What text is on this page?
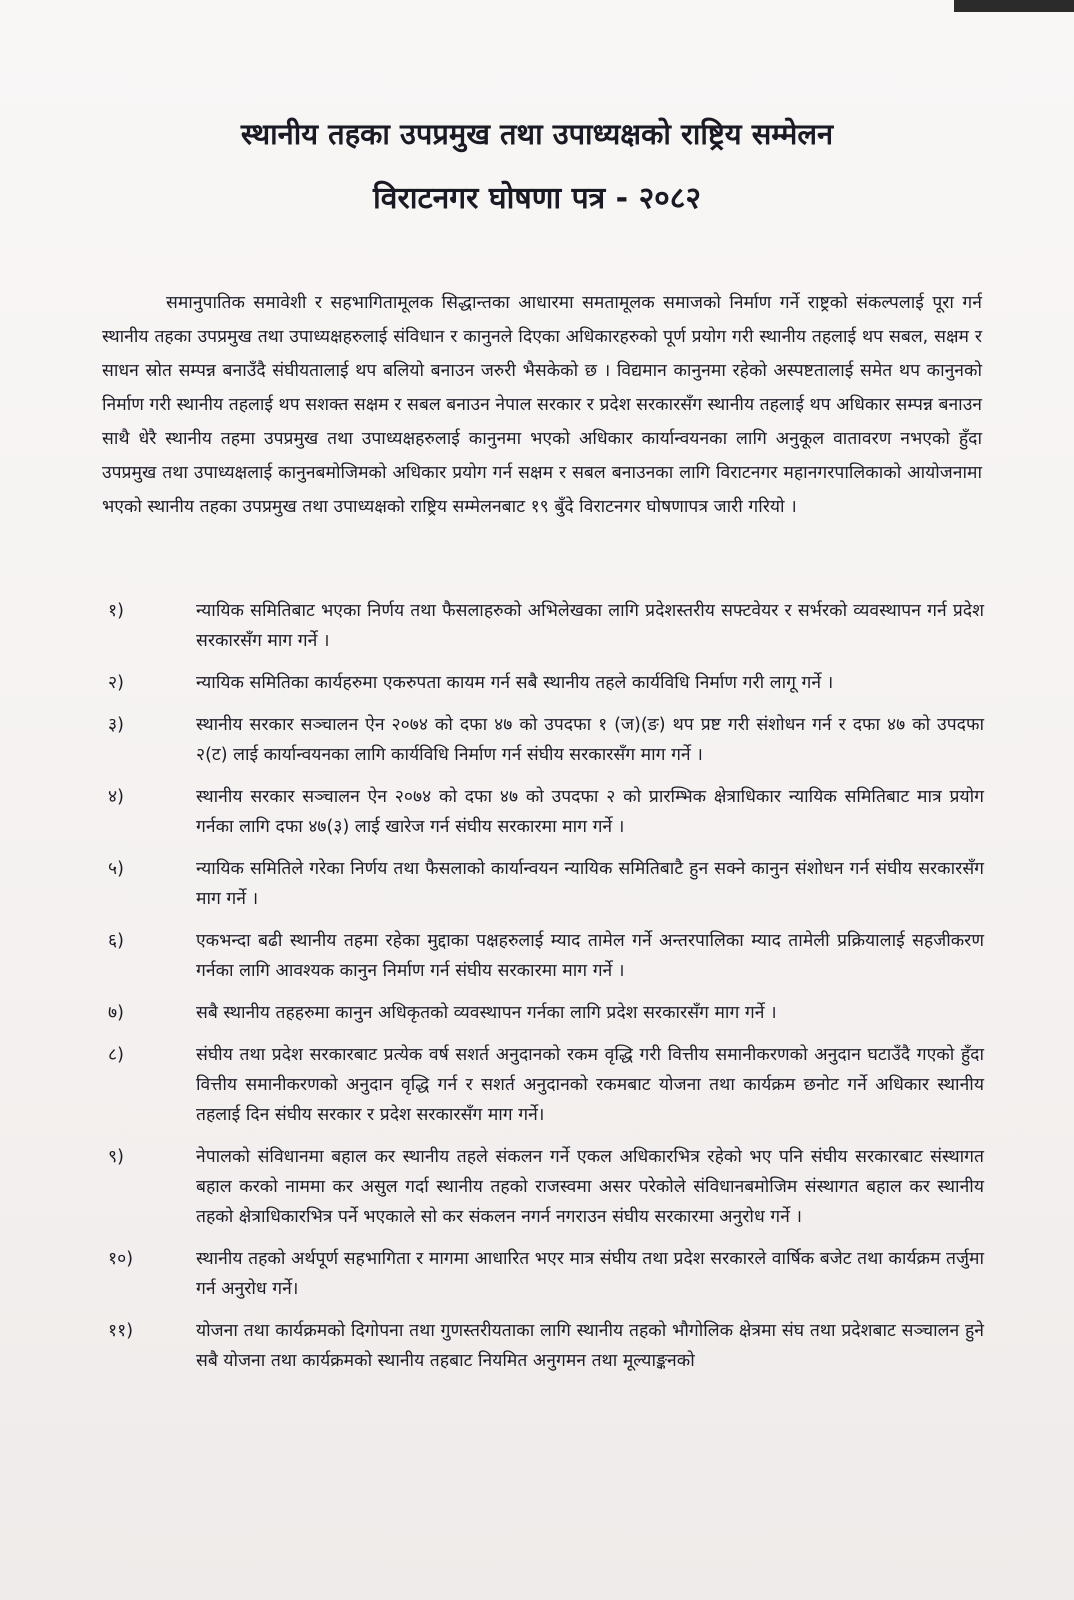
स्थानीय तहका उपप्रमुख तथा उपाध्यक्षको राष्ट्रिय सम्मेलन
विराटनगर घोषणा पत्र - २०८२

समानुपातिक समावेशी र सहभागितामूलक सिद्धान्तका आधारमा समतामूलक समाजको निर्माण गर्ने राष्ट्रको संकल्पलाई पूरा गर्न स्थानीय तहका उपप्रमुख तथा उपाध्यक्षहरुलाई संविधान र कानुनले दिएका अधिकारहरुको पूर्ण प्रयोग गरी स्थानीय तहलाई थप सबल, सक्षम र साधन स्रोत सम्पन्न बनाउँदै संघीयतालाई थप बलियो बनाउन जरुरी भैसकेको छ । विद्यमान कानुनमा रहेको अस्पष्टतालाई समेत थप कानुनको निर्माण गरी स्थानीय तहलाई थप सशक्त सक्षम र सबल बनाउन नेपाल सरकार र प्रदेश सरकारसँग स्थानीय तहलाई थप अधिकार सम्पन्न बनाउन साथै धेरै स्थानीय तहमा उपप्रमुख तथा उपाध्यक्षहरुलाई कानुनमा भएको अधिकार कार्यान्वयनका लागि अनुकूल वातावरण नभएको हुँदा उपप्रमुख तथा उपाध्यक्षलाई कानुनबमोजिमको अधिकार प्रयोग गर्न सक्षम र सबल बनाउनका लागि विराटनगर महानगरपालिकाको आयोजनामा भएको स्थानीय तहका उपप्रमुख तथा उपाध्यक्षको राष्ट्रिय सम्मेलनबाट १९ बुँदे विराटनगर घोषणापत्र जारी गरियो ।

१)	न्यायिक समितिबाट भएका निर्णय तथा फैसलाहरुको अभिलेखका लागि प्रदेशस्तरीय सफ्टवेयर र सर्भरको व्यवस्थापन गर्न प्रदेश सरकारसँग माग गर्ने ।
२)	न्यायिक समितिका कार्यहरुमा एकरुपता कायम गर्न सबै स्थानीय तहले कार्यविधि निर्माण गरी लागू गर्ने ।
३)	स्थानीय सरकार सञ्चालन ऐन २०७४ को दफा ४७ को उपदफा १ (ज)(ङ) थप प्रष्ट गरी संशोधन गर्न र दफा ४७ को उपदफा २(ट) लाई कार्यान्वयनका लागि कार्यविधि निर्माण गर्न संघीय सरकारसँग माग गर्ने ।
४)	स्थानीय सरकार सञ्चालन ऐन २०७४ को दफा ४७ को उपदफा २ को प्रारम्भिक क्षेत्राधिकार न्यायिक समितिबाट मात्र प्रयोग गर्नका लागि दफा ४७(३) लाई खारेज गर्न संघीय सरकारमा माग गर्ने ।
५)	न्यायिक समितिले गरेका निर्णय तथा फैसलाको कार्यान्वयन न्यायिक समितिबाटै हुन सक्ने कानुन संशोधन गर्न संघीय सरकारसँग माग गर्ने ।
६)	एकभन्दा बढी स्थानीय तहमा रहेका मुद्दाका पक्षहरुलाई म्याद तामेल गर्ने अन्तरपालिका म्याद तामेली प्रक्रियालाई सहजीकरण गर्नका लागि आवश्यक कानुन निर्माण गर्न संघीय सरकारमा माग गर्ने ।
७)	सबै स्थानीय तहहरुमा कानुन अधिकृतको व्यवस्थापन गर्नका लागि प्रदेश सरकारसँग माग गर्ने ।
८)	संघीय तथा प्रदेश सरकारबाट प्रत्येक वर्ष सशर्त अनुदानको रकम वृद्धि गरी वित्तीय समानीकरणको अनुदान घटाउँदै गएको हुँदा वित्तीय समानीकरणको अनुदान वृद्धि गर्न र सशर्त अनुदानको रकमबाट योजना तथा कार्यक्रम छनोट गर्ने अधिकार स्थानीय तहलाई दिन संघीय सरकार र प्रदेश सरकारसँग माग गर्ने।
९)	नेपालको संविधानमा बहाल कर स्थानीय तहले संकलन गर्ने एकल अधिकारभित्र रहेको भए पनि संघीय सरकारबाट संस्थागत बहाल करको नाममा कर असुल गर्दा स्थानीय तहको राजस्वमा असर परेकोले संविधानबमोजिम संस्थागत बहाल कर स्थानीय तहको क्षेत्राधिकारभित्र पर्ने भएकाले सो कर संकलन नगर्न नगराउन संघीय सरकारमा अनुरोध गर्ने ।
१०)	स्थानीय तहको अर्थपूर्ण सहभागिता र मागमा आधारित भएर मात्र संघीय तथा प्रदेश सरकारले वार्षिक बजेट तथा कार्यक्रम तर्जुमा गर्न अनुरोध गर्ने।
११)	योजना तथा कार्यक्रमको दिगोपना तथा गुणस्तरीयताका लागि स्थानीय तहको भौगोलिक क्षेत्रमा संघ तथा प्रदेशबाट सञ्चालन हुने सबै योजना तथा कार्यक्रमको स्थानीय तहबाट नियमित अनुगमन तथा मूल्याङ्कनको
